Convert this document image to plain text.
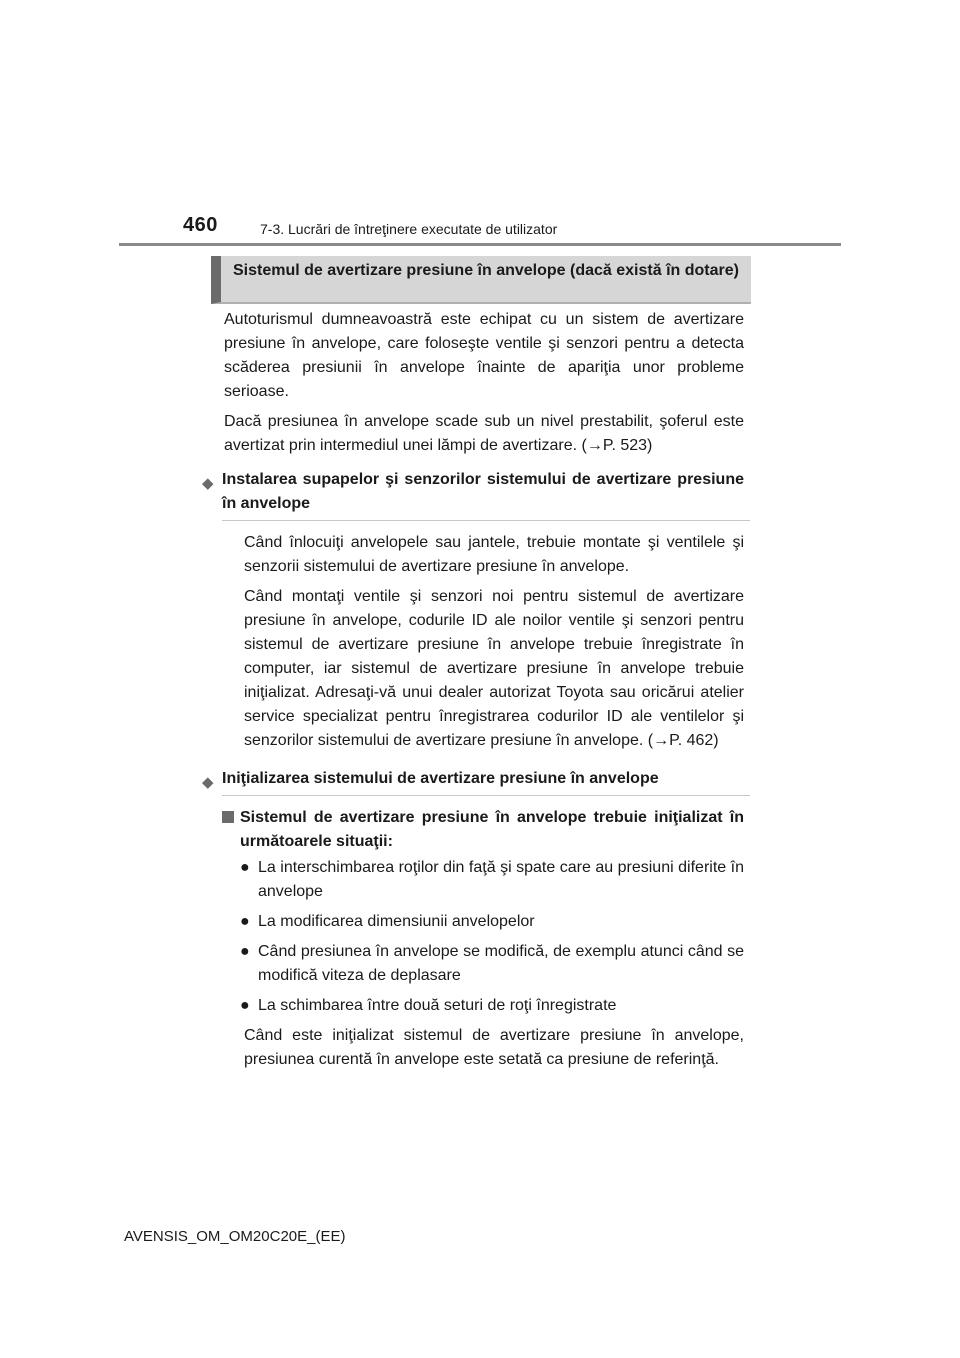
460	7-3. Lucrări de întreţinere executate de utilizator
Sistemul de avertizare presiune în anvelope (dacă există în dotare)

Autoturismul dumneavoastră este echipat cu un sistem de avertizare presiune în anvelope, care foloseşte ventile şi senzori pentru a detecta scăderea presiunii în anvelope înainte de apariţia unor probleme serioase.

Dacă presiunea în anvelope scade sub un nivel prestabilit, şoferul este avertizat prin intermediul unei lămpi de avertizare. (→P. 523)

◆ Instalarea supapelor şi senzorilor sistemului de avertizare presiune în anvelope

Când înlocuiţi anvelopele sau jantele, trebuie montate şi ventilele şi senzorii sistemului de avertizare presiune în anvelope.

Când montaţi ventile şi senzori noi pentru sistemul de avertizare presiune în anvelope, codurile ID ale noilor ventile şi senzori pentru sistemul de avertizare presiune în anvelope trebuie înregistrate în computer, iar sistemul de avertizare presiune în anvelope trebuie iniţializat. Adresaţi-vă unui dealer autorizat Toyota sau oricărui atelier service specializat pentru înregistrarea codurilor ID ale ventilelor şi senzorilor sistemului de avertizare presiune în anvelope. (→P. 462)

◆ Iniţializarea sistemului de avertizare presiune în anvelope
Sistemul de avertizare presiune în anvelope trebuie iniţializat în următoarele situaţii:
● La interschimbarea roţilor din faţă şi spate care au presiuni diferite în anvelope
● La modificarea dimensiunii anvelopelor
● Când presiunea în anvelope se modifică, de exemplu atunci când se modifică viteza de deplasare
● La schimbarea între două seturi de roţi înregistrate

Când este iniţializat sistemul de avertizare presiune în anvelope, presiunea curentă în anvelope este setată ca presiune de referinţă.

AVENSIS_OM_OM20C20E_(EE)
